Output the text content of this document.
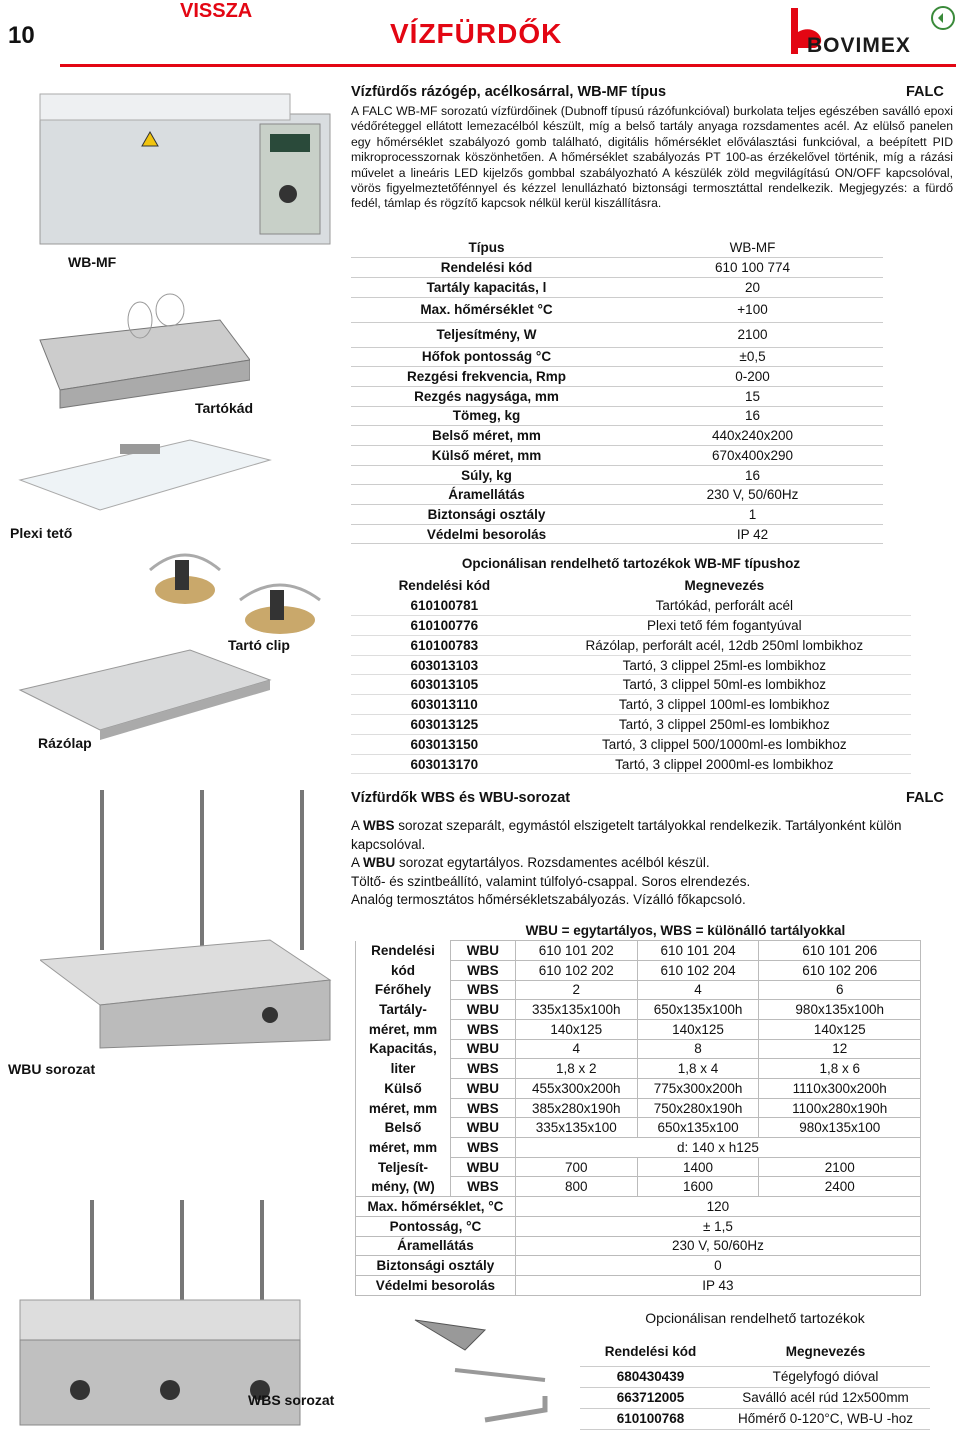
10
VISSZA
VÍZFÜRDŐK	BOVIMEX
WB-MF
Tartókád
Plexi tető
Tartó clip
Rázólap
WBU sorozat
WBS sorozat
Vízfürdős rázógép, acélkosárral, WB-MF típus	FALC
A FALC WB-MF sorozatú vízfürdőinek (Dubnoff típusú rázófunkcióval) burkolata teljes egészében saválló epoxi védőréteggel ellátott lemezacélból készült, míg a belső tartály anyaga rozsdamentes acél. Az elülső panelen egy hőmérséklet szabályozó gomb található, digitális hőmérséklet előválasztási funkcióval, a beépített PID mikroprocesszornak köszönhetően. A hőmérséklet szabályozás PT 100-as érzékelővel történik, míg a rázási művelet a lineáris LED kijelzős gombbal szabályozható A készülék zöld megvilágítású ON/OFF kapcsolóval, vörös figyelmeztetőfénnyel és kézzel lenullázható biztonsági termosztáttal rendelkezik. Megjegyzés: a fürdő fedél, támlap és rögzítő kapcsok nélkül kerül kiszállításra.
Típus	WB-MF
Rendelési kód	610 100 774
Tartály kapacitás, l	20
Max. hőmérséklet °C	+100
Teljesítmény, W	2100
Hőfok pontosság °C	±0,5
Rezgési frekvencia, Rmp	0-200
Rezgés nagysága, mm	15
Tömeg, kg	16
Belső méret, mm	440x240x200
Külső méret, mm	670x400x290
Súly, kg	16
Áramellátás	230 V, 50/60Hz
Biztonsági osztály	1
Védelmi besorolás	IP 42
Opcionálisan rendelhető tartozékok WB-MF típushoz
Rendelési kód	Megnevezés
610100781	Tartókád, perforált acél
610100776	Plexi tető fém fogantyúval
610100783	Rázólap, perforált acél, 12db 250ml lombikhoz
603013103	Tartó, 3 clippel 25ml-es lombikhoz
603013105	Tartó, 3 clippel 50ml-es lombikhoz
603013110	Tartó, 3 clippel 100ml-es lombikhoz
603013125	Tartó, 3 clippel 250ml-es lombikhoz
603013150	Tartó, 3 clippel 500/1000ml-es lombikhoz
603013170	Tartó, 3 clippel 2000ml-es lombikhoz
Vízfürdők WBS és WBU-sorozat	FALC
A WBS sorozat szeparált, egymástól elszigetelt tartályokkal rendelkezik. Tartályonként külön kapcsolóval.
A WBU sorozat egytartályos. Rozsdamentes acélból készül.
Töltő- és szintbeállító, valamint túlfolyó-csappal. Soros elrendezés.
Analóg termosztátos hőmérsékletszabályozás. Vízálló főkapcsoló.
	WBU = egytartályos, WBS = különálló tartályokkal			
Rendelési	WBU	610 101 202	610 101 204	610 101 206
kód	WBS	610 102 202	610 102 204	610 102 206
Férőhely	WBS	2	4	6
Tartály-	WBU	335x135x100h	650x135x100h	980x135x100h
méret, mm	WBS	140x125	140x125	140x125
Kapacitás,	WBU	4	8	12
liter	WBS	1,8 x 2	1,8 x 4	1,8 x 6
Külső	WBU	455x300x200h	775x300x200h	1110x300x200h
méret, mm	WBS	385x280x190h	750x280x190h	1100x280x190h
Belső	WBU	335x135x100	650x135x100	980x135x100
méret, mm	WBS	d: 140 x h125		
Teljesít-	WBU	700	1400	2100
mény, (W)	WBS	800	1600	2400
Max. hőmérséklet, °C		120		
Pontosság, °C		± 1,5		
Áramellátás		230 V, 50/60Hz		
Biztonsági osztály		0		
Védelmi besorolás		IP 43		
Opcionálisan rendelhető tartozékok
Rendelési kód	Megnevezés
680430439	Tégelyfogó dióval
663712005	Saválló acél rúd 12x500mm
610100768	Hőmérő 0-120°C, WB-U -hoz
